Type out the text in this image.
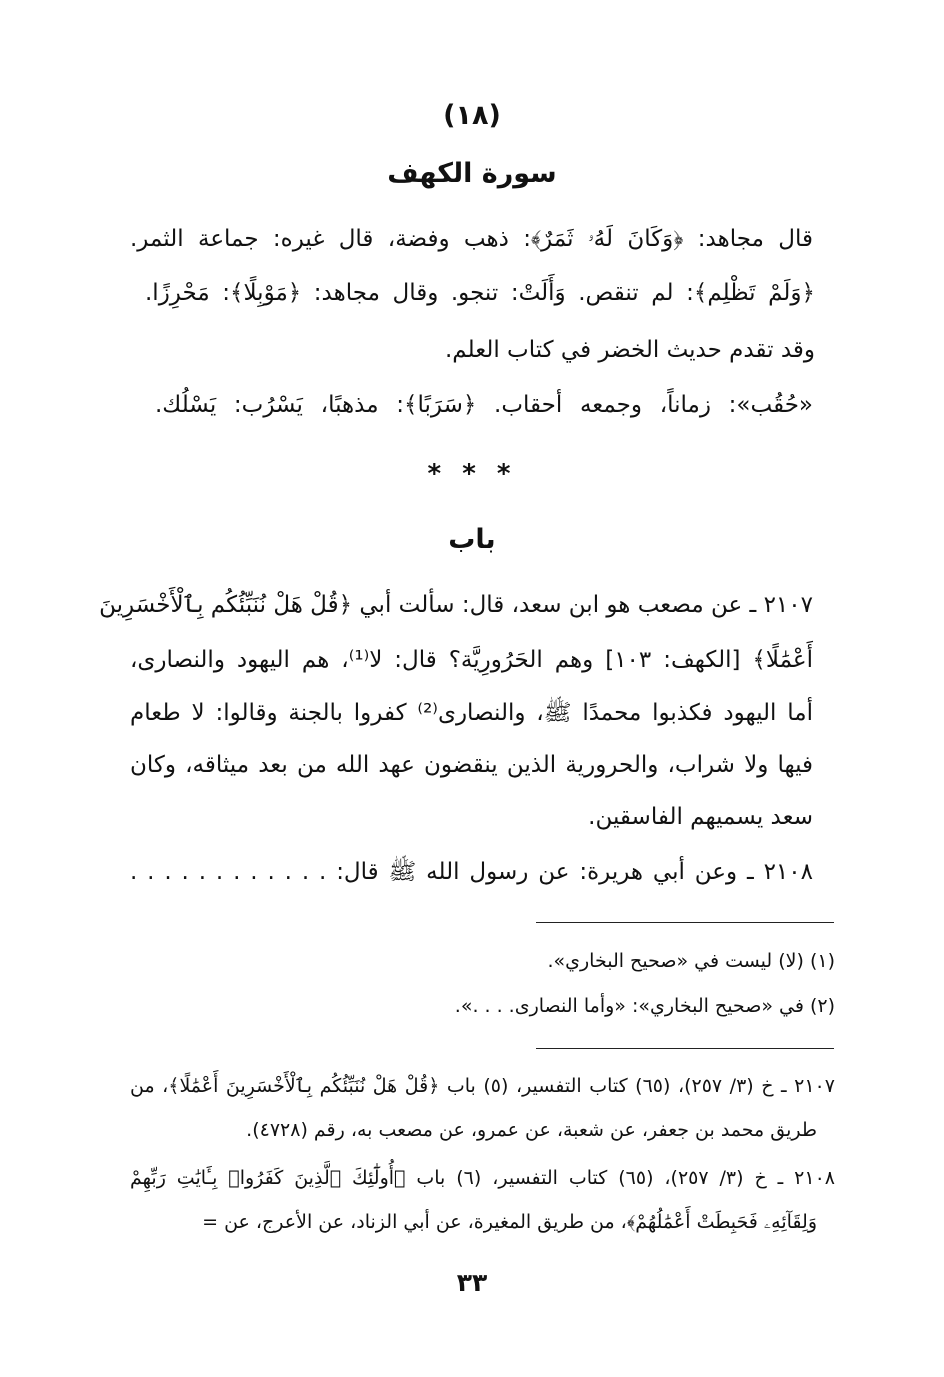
(١٨)
سورة الكهف
قال مجاهد: ﴿وَكَانَ لَهُۥ ثَمَرٌ﴾: ذهب وفضة، قال غيره: جماعة الثمر.
﴿وَلَمْ تَظْلِم﴾: لم تنقص. وَأَلَتْ: تنجو. وقال مجاهد: ﴿مَوْبِلًا﴾: مَحْرِزًا.
وقد تقدم حديث الخضر في كتاب العلم.
«حُقُب»: زماناً، وجمعه أحقاب. ﴿سَرَبًا﴾: مذهبًا، يَسْرُب: يَسْلُك.
* * *
باب
٢١٠٧ ـ عن مصعب هو ابن سعد، قال: سألت أبي ﴿قُلْ هَلْ نُنَبِّئُكُم بِٱلْأَخْسَرِينَ
أَعْمَٰلًا﴾ [الكهف: ١٠٣] وهم الحَرُورِيَّة؟ قال: لا⁽¹⁾، هم اليهود والنصارى،
أما اليهود فكذبوا محمدًا ﷺ، والنصارى⁽²⁾ كفروا بالجنة وقالوا: لا طعام
فيها ولا شراب، والحرورية الذين ينقضون عهد الله من بعد ميثاقه، وكان
سعد يسميهم الفاسقين.
٢١٠٨ ـ وعن أبي هريرة: عن رسول الله ﷺ قال: . . . . . . . . . . . .
(١) (لا) ليست في «صحيح البخاري».
(٢) في «صحيح البخاري»: «وأما النصارى. . . .».
٢١٠٧ ـ خ (٣/ ٢٥٧)، (٦٥) كتاب التفسير، (٥) باب ﴿قُلْ هَلْ نُنَبِّئُكُم بِٱلْأَخْسَرِينَ أَعْمَٰلًا﴾، من
طريق محمد بن جعفر، عن شعبة، عن عمرو، عن مصعب به، رقم (٤٧٢٨).
٢١٠٨ ـ خ (٣/ ٢٥٧)، (٦٥) كتاب التفسير، (٦) باب ﴿أُولَٰٓئِكَ ٱلَّذِينَ كَفَرُوا۟ بِـَٔايَٰتِ رَبِّهِمْ
وَلِقَآئِهِۦ فَحَبِطَتْ أَعْمَٰلُهُمْ﴾، من طريق المغيرة، عن أبي الزناد، عن الأعرج، عن =
٣٣
